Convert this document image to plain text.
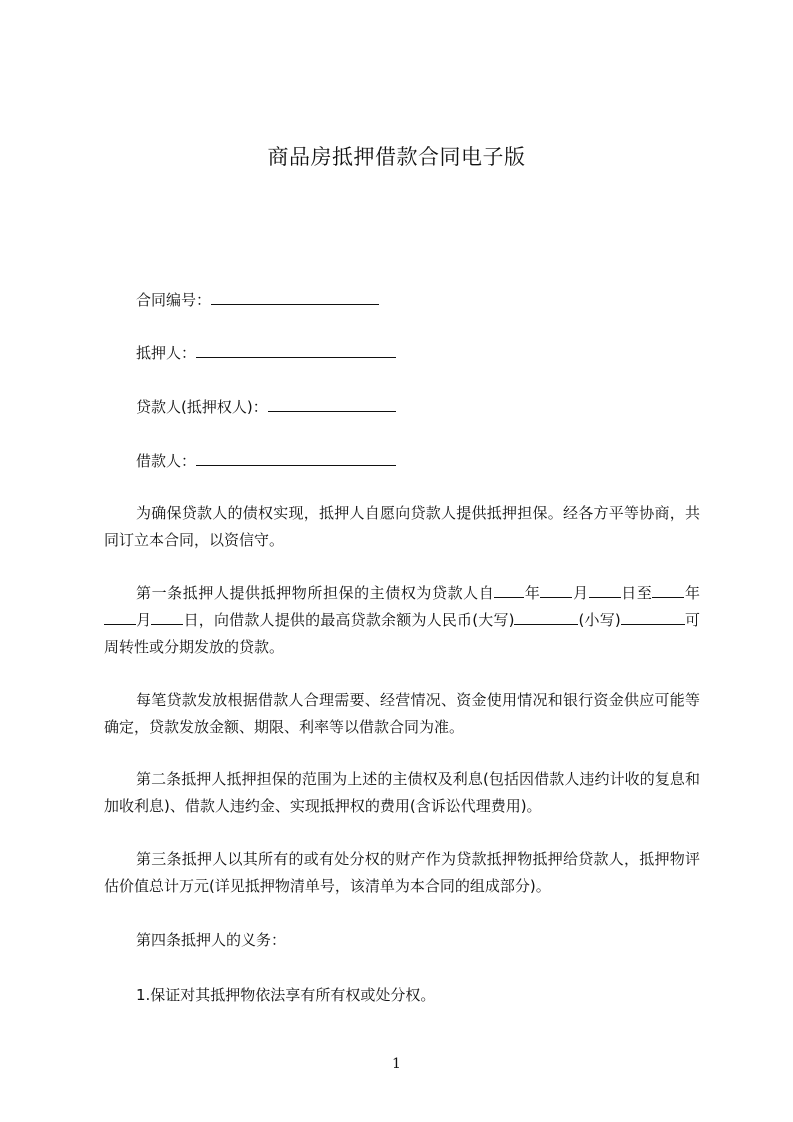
商品房抵押借款合同电子版
合同编号：
抵押人：
贷款人(抵押权人)：
借款人：

为确保贷款人的债权实现，抵押人自愿向贷款人提供抵押担保。经各方平等协商，共同订立本合同，以资信守。

第一条抵押人提供抵押物所担保的主债权为贷款人自 年 月 日至 年月 日，向借款人提供的最高贷款余额为人民币(大写)	(小写)	可周转性或分期发放的贷款。

每笔贷款发放根据借款人合理需要、经营情况、资金使用情况和银行资金供应可能等确定，贷款发放金额、期限、利率等以借款合同为准。

第二条抵押人抵押担保的范围为上述的主债权及利息(包括因借款人违约计收的复息和加收利息)、借款人违约金、实现抵押权的费用(含诉讼代理费用)。

第三条抵押人以其所有的或有处分权的财产作为贷款抵押物抵押给贷款人，抵押物评估价值总计万元(详见抵押物清单号，该清单为本合同的组成部分)。

第四条抵押人的义务：
1.保证对其抵押物依法享有所有权或处分权。
1
